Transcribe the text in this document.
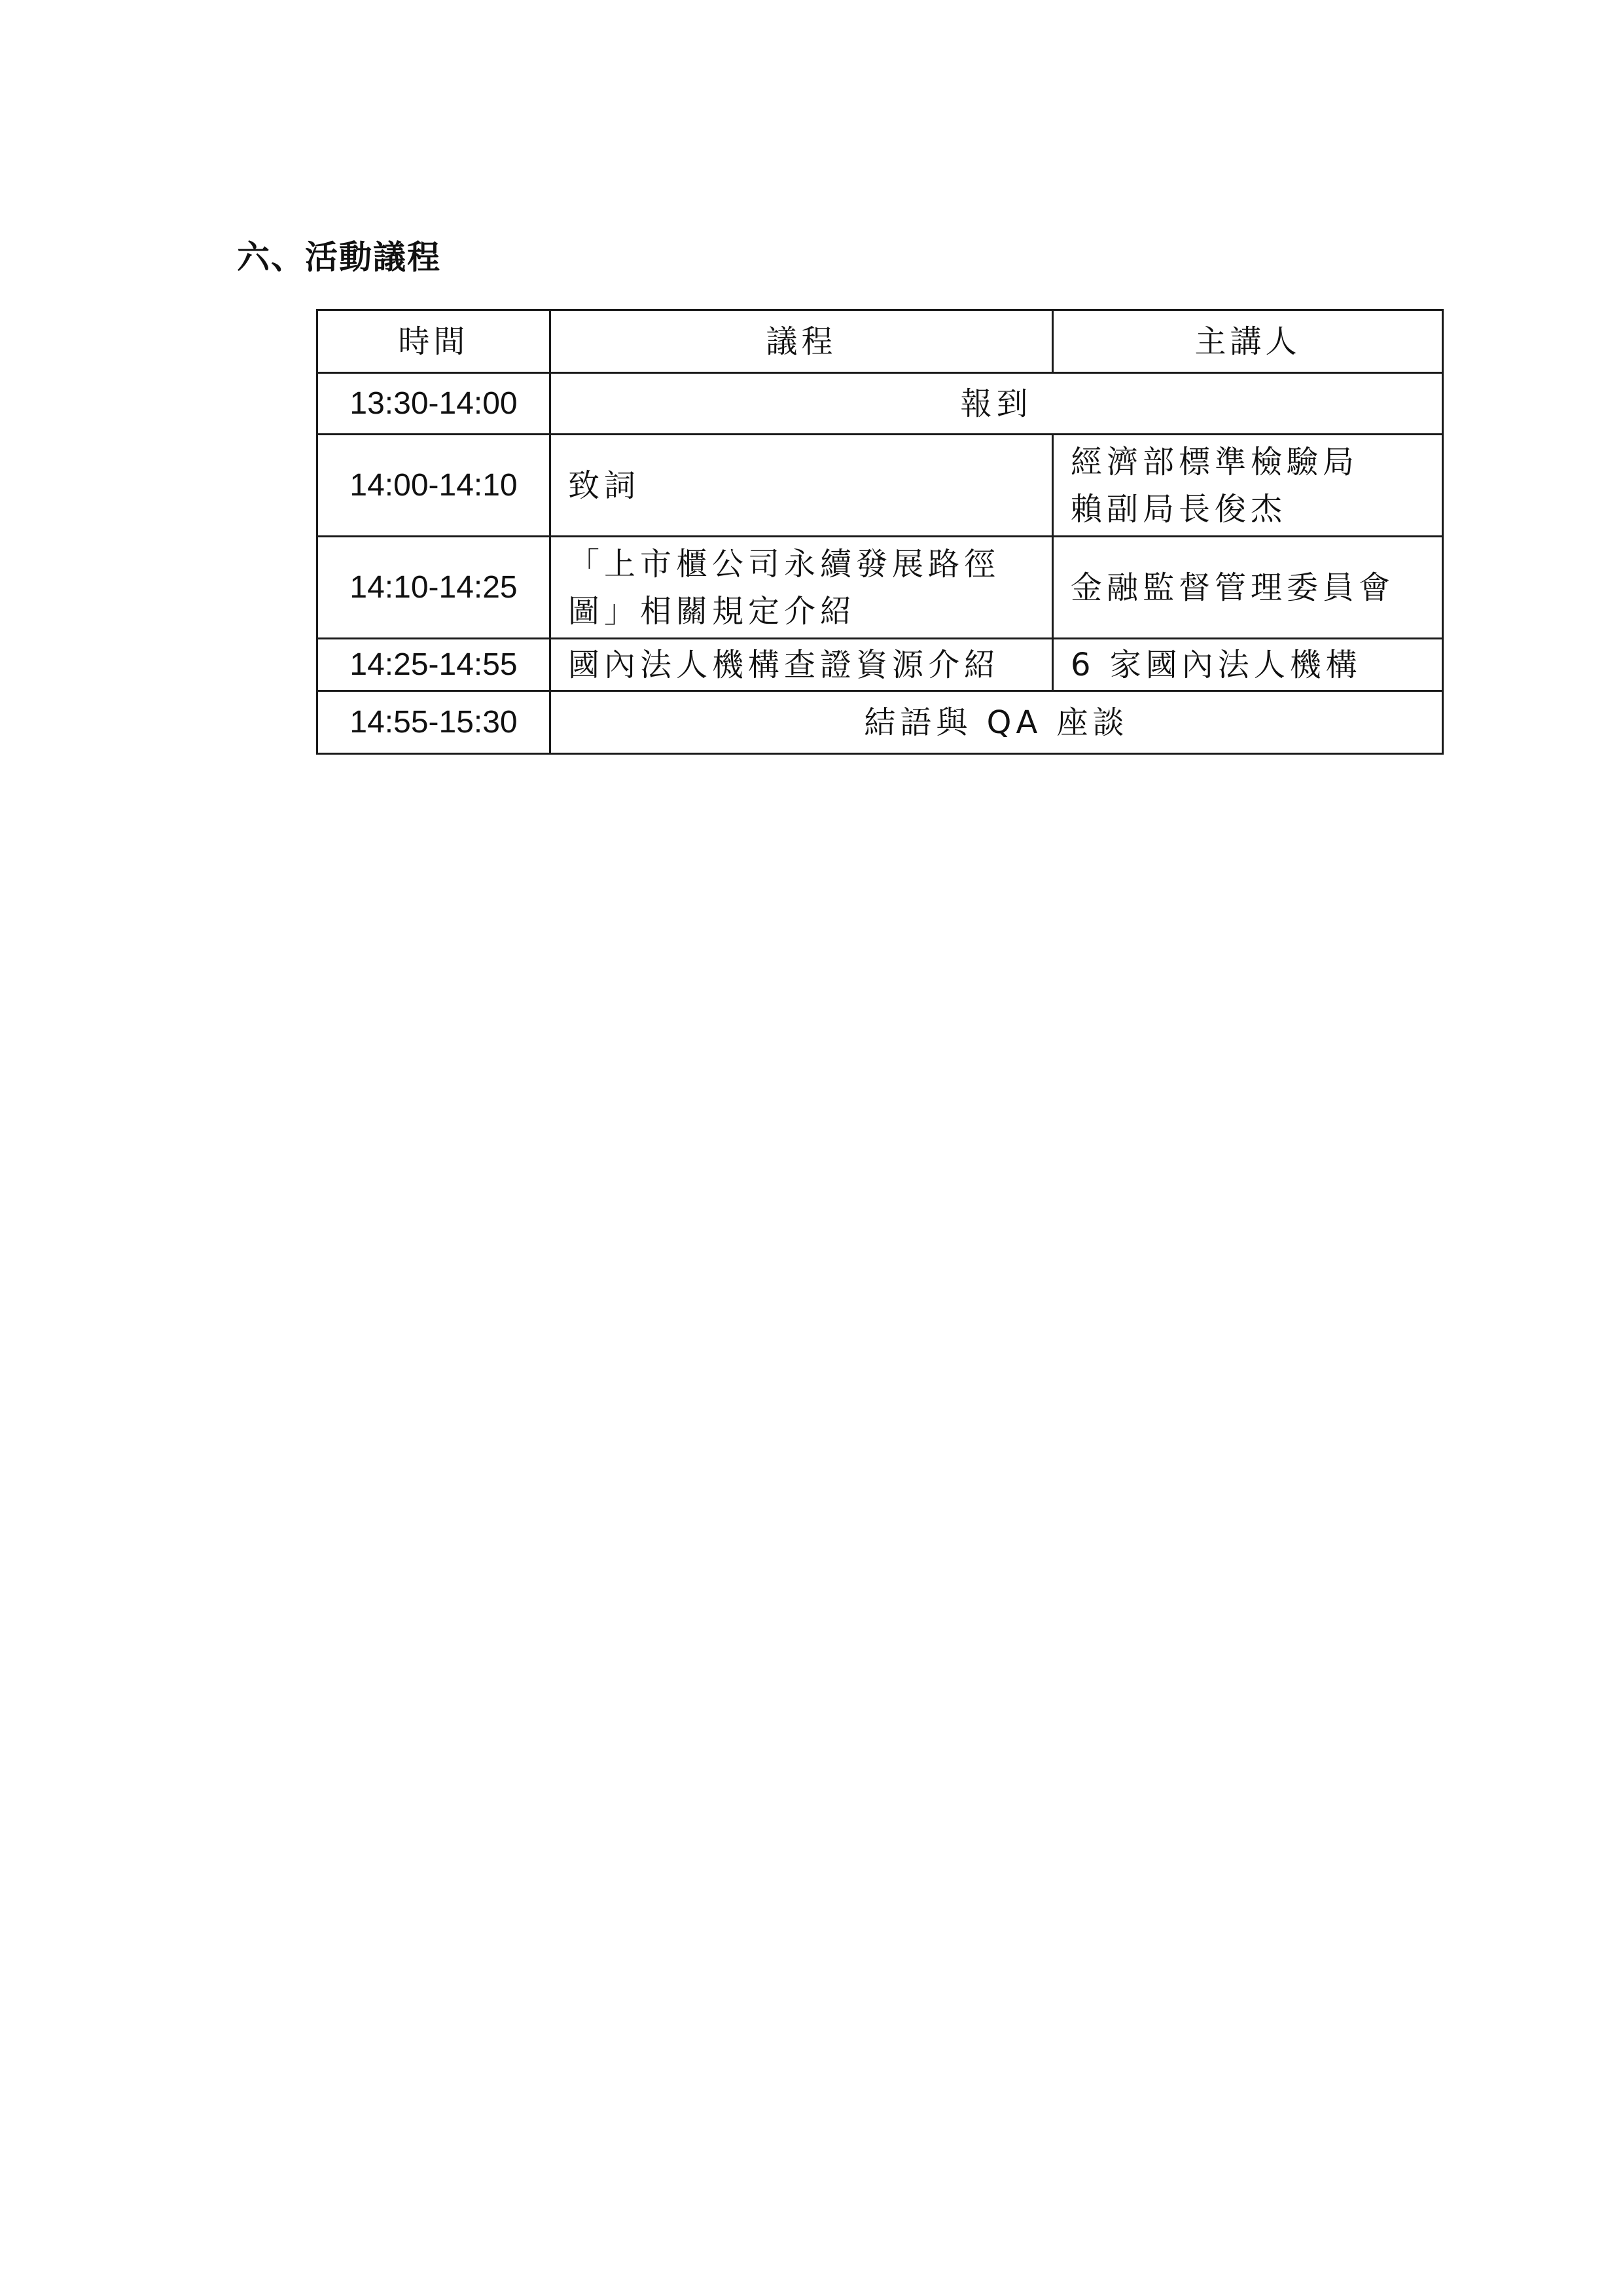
六、活動議程
時間	議程	主講人
13:30-14:00	報到	
14:00-14:10	致詞	經濟部標準檢驗局
賴副局長俊杰

14:10-14:25	「上市櫃公司永續發展路徑
圖」相關規定介紹	金融監督管理委員會
14:25-14:55	國內法人機構查證資源介紹	6 家國內法人機構
14:55-15:30	結語與 QA 座談	
